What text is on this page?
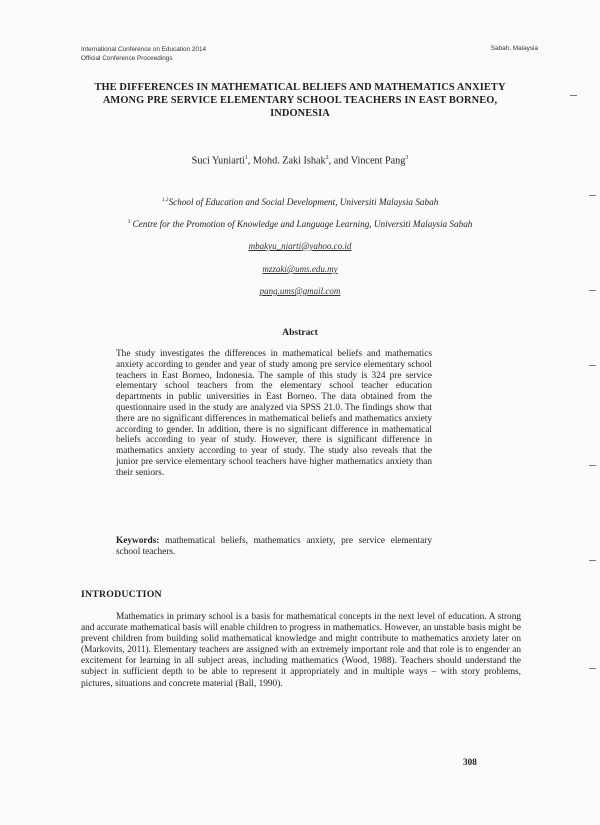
International Conference on Education 2014
Official Conference Proceedings
Sabah, Malaysia
THE DIFFERENCES IN MATHEMATICAL BELIEFS AND MATHEMATICS ANXIETY AMONG PRE SERVICE ELEMENTARY SCHOOL TEACHERS IN EAST BORNEO, INDONESIA
Suci Yuniarti$^1$, Mohd. Zaki Ishak$^2$, and Vincent Pang$^3$
$^{1,2}$School of Education and Social Development, Universiti Malaysia Sabah
$^3$ Centre for the Promotion of Knowledge and Language Learning, Universiti Malaysia Sabah
mbakyu_niarti@yahoo.co.id
mzzaki@ums.edu.my
pang.ums@gmail.com
Abstract
The study investigates the differences in mathematical beliefs and mathematics anxiety according to gender and year of study among pre service elementary school teachers in East Borneo, Indonesia. The sample of this study is 324 pre service elementary school teachers from the elementary school teacher education departments in public universities in East Borneo. The data obtained from the questionnaire used in the study are analyzed via SPSS 21.0. The findings show that there are no significant differences in mathematical beliefs and mathematics anxiety according to gender. In addition, there is no significant difference in mathematical beliefs according to year of study. However, there is significant difference in mathematics anxiety according to year of study. The study also reveals that the junior pre service elementary school teachers have higher mathematics anxiety than their seniors.
Keywords: mathematical beliefs, mathematics anxiety, pre service elementary school teachers.
INTRODUCTION
Mathematics in primary school is a basis for mathematical concepts in the next level of education. A strong and accurate mathematical basis will enable children to progress in mathematics. However, an unstable basis might be prevent children from building solid mathematical knowledge and might contribute to mathematics anxiety later on (Markovits, 2011). Elementary teachers are assigned with an extremely important role and that role is to engender an excitement for learning in all subject areas, including mathematics (Wood, 1988). Teachers should understand the subject in sufficient depth to be able to represent it appropriately and in multiple ways – with story problems, pictures, situations and concrete material (Ball, 1990).
308
